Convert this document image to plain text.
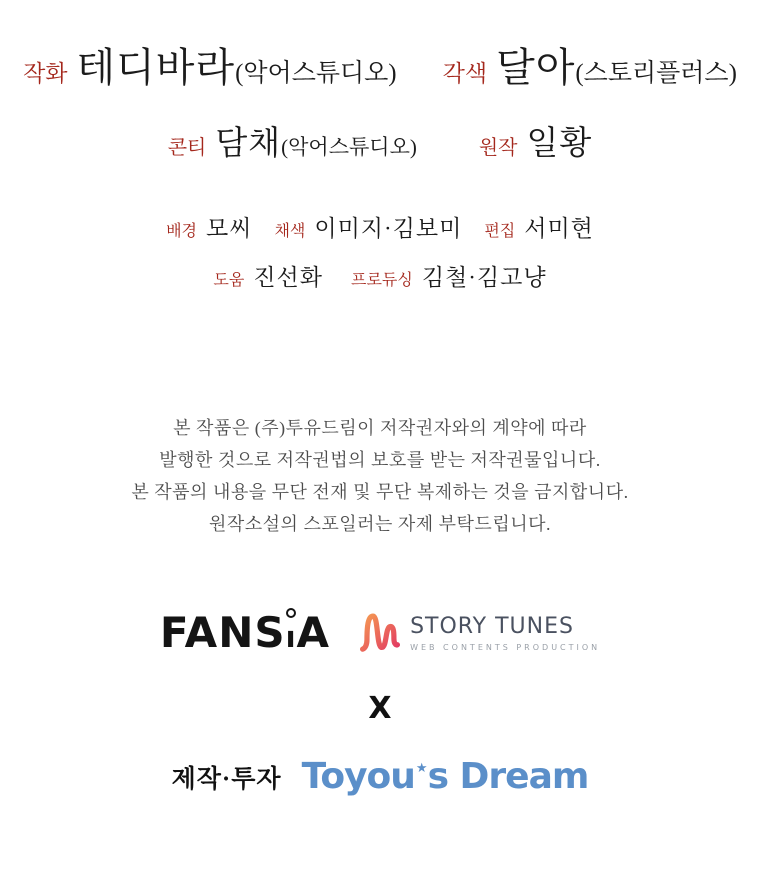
작화 테디바라 (악어스튜디오) 각색 달아 (스토리플러스)
콘티 담채 (악어스튜디오)	원작 일황
배경 모씨 채색 이미지·김보미 편집 서미현
도움 진선화 프로듀싱 김철·김고냥
본 작품은 (주)투유드림이 저작권자와의 계약에 따라
발행한 것으로 저작권법의 보호를 받는 저작권물입니다.
본 작품의 내용을 무단 전재 및 무단 복제하는 것을 금지합니다.
원작소설의 스포일러는 자제 부탁드립니다.
FANS ı A	STORY TUNES
WEB CONTENTS PRODUCTION
X
제작·투자 Toyou ★ s Dream
